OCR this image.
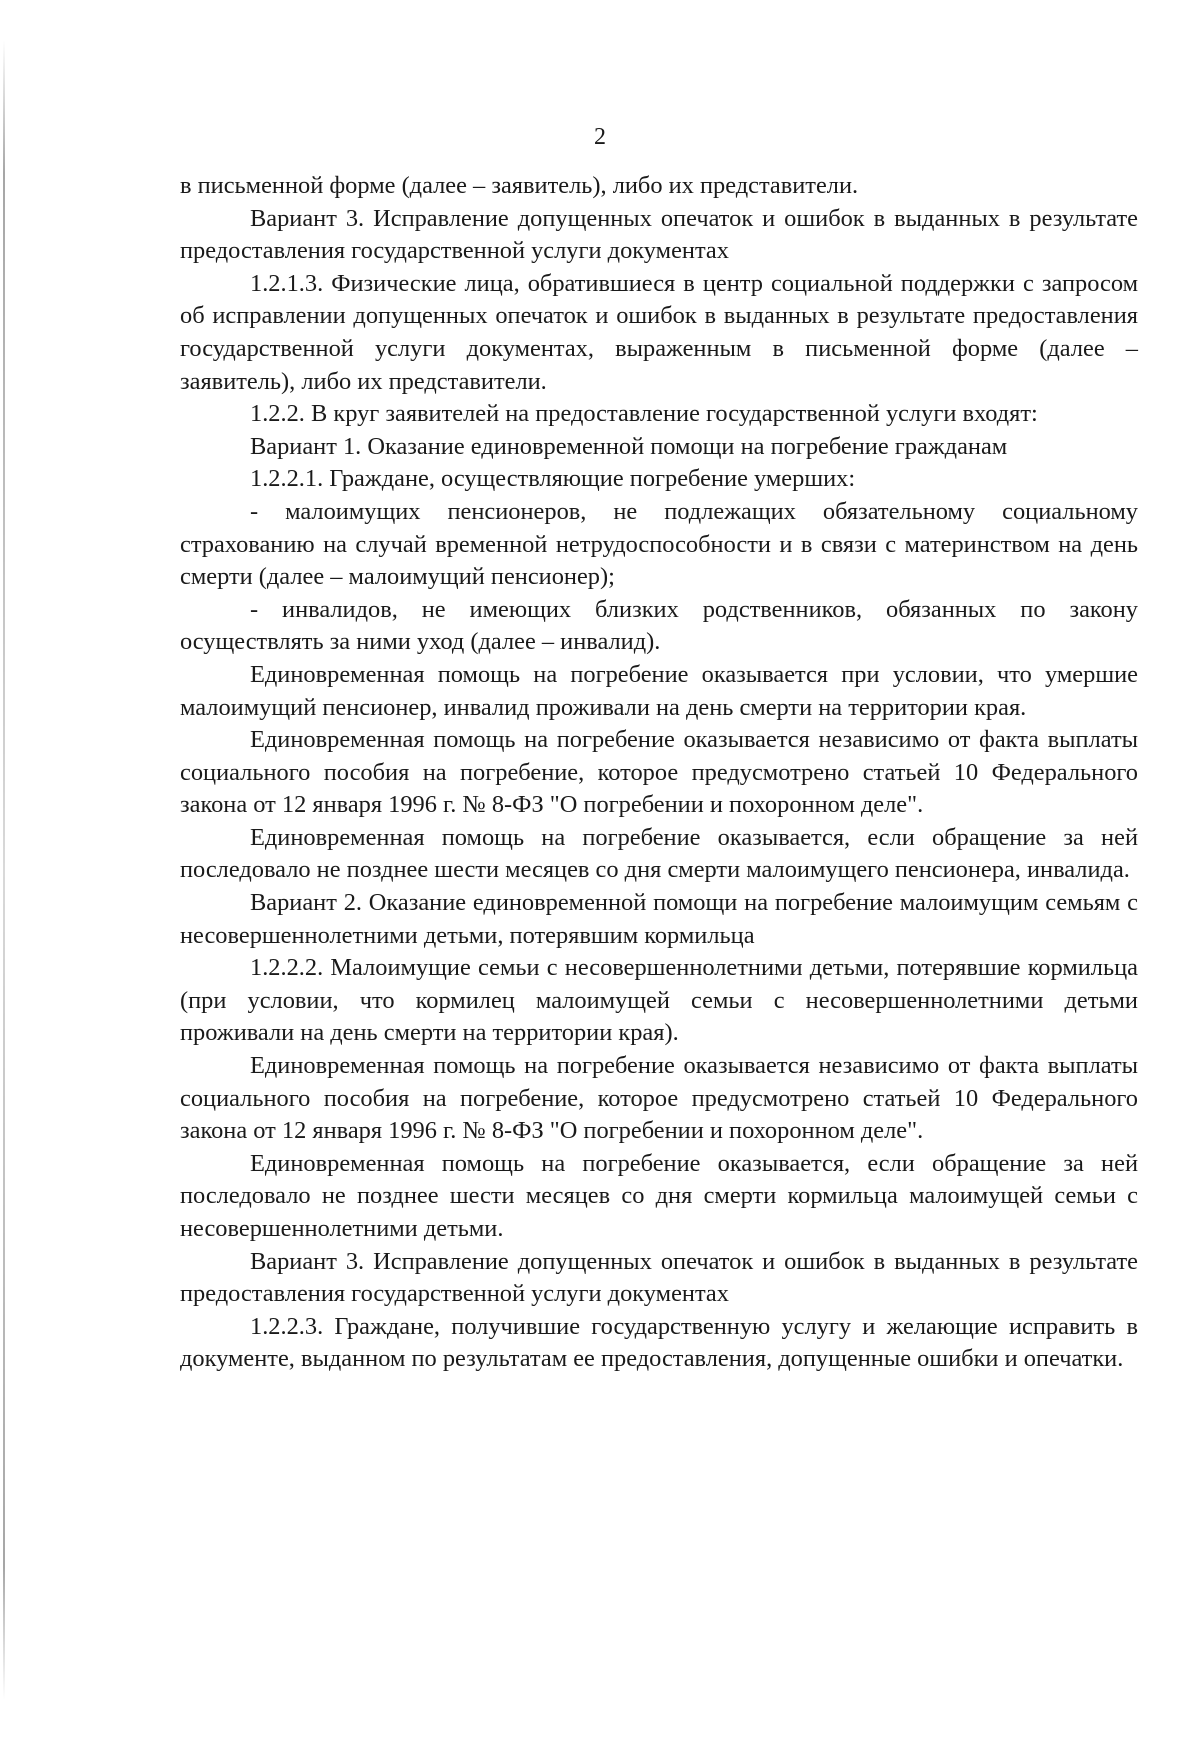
2

в письменной форме (далее – заявитель), либо их представители.

Вариант 3. Исправление допущенных опечаток и ошибок в выданных в результате предоставления государственной услуги документах

1.2.1.3. Физические лица, обратившиеся в центр социальной поддержки с запросом об исправлении допущенных опечаток и ошибок в выданных в результате предоставления государственной услуги документах, выраженным в письменной форме (далее – заявитель), либо их представители.

1.2.2. В круг заявителей на предоставление государственной услуги входят:

Вариант 1. Оказание единовременной помощи на погребение гражданам

1.2.2.1. Граждане, осуществляющие погребение умерших:

- малоимущих пенсионеров, не подлежащих обязательному социальному страхованию на случай временной нетрудоспособности и в связи с материнством на день смерти (далее – малоимущий пенсионер);

- инвалидов, не имеющих близких родственников, обязанных по закону осуществлять за ними уход (далее – инвалид).

Единовременная помощь на погребение оказывается при условии, что умершие малоимущий пенсионер, инвалид проживали на день смерти на территории края.

Единовременная помощь на погребение оказывается независимо от факта выплаты социального пособия на погребение, которое предусмотрено статьей 10 Федерального закона от 12 января 1996 г. № 8-ФЗ "О погребении и похоронном деле".

Единовременная помощь на погребение оказывается, если обращение за ней последовало не позднее шести месяцев со дня смерти малоимущего пенсионера, инвалида.

Вариант 2. Оказание единовременной помощи на погребение малоимущим семьям с несовершеннолетними детьми, потерявшим кормильца

1.2.2.2. Малоимущие семьи с несовершеннолетними детьми, потерявшие кормильца (при условии, что кормилец малоимущей семьи с несовершеннолетними детьми проживали на день смерти на территории края).

Единовременная помощь на погребение оказывается независимо от факта выплаты социального пособия на погребение, которое предусмотрено статьей 10 Федерального закона от 12 января 1996 г. № 8-ФЗ "О погребении и похоронном деле".

Единовременная помощь на погребение оказывается, если обращение за ней последовало не позднее шести месяцев со дня смерти кормильца малоимущей семьи с несовершеннолетними детьми.

Вариант 3. Исправление допущенных опечаток и ошибок в выданных в результате предоставления государственной услуги документах

1.2.2.3. Граждане, получившие государственную услугу и желающие исправить в документе, выданном по результатам ее предоставления, допущенные ошибки и опечатки.
